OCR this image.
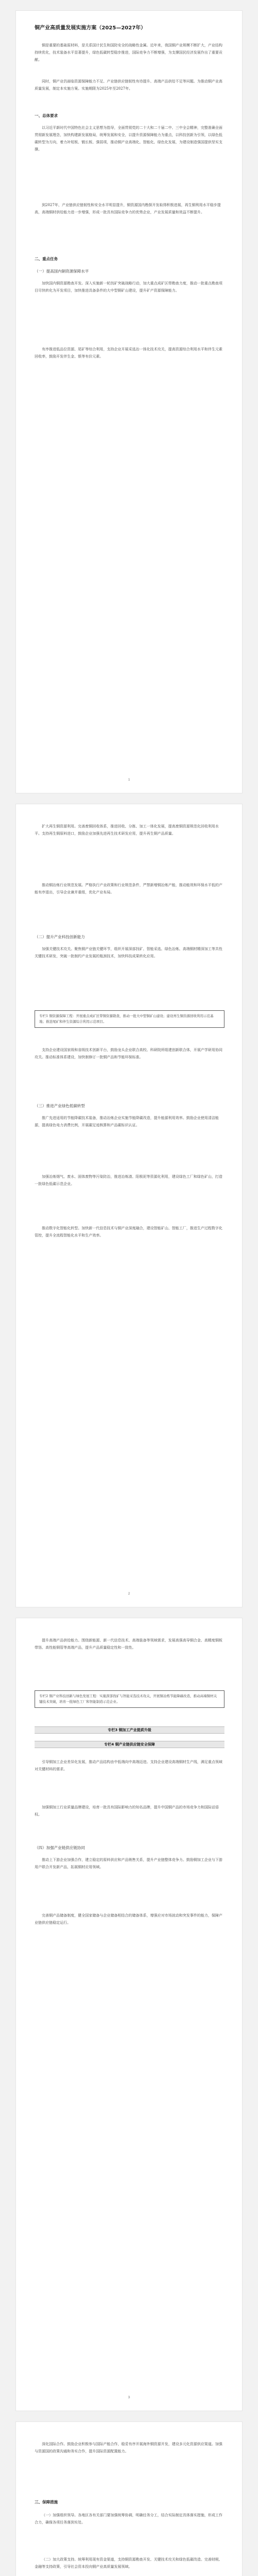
铜产业高质量发展实施方案（2025—2027年）
铜是重要的基础原材料，是关系国计民生和国防安全的战略性金属。近年来，我国铜产业规模不断扩大，产业结构持续优化，技术装备水平显著提升，绿色低碳转型稳步推进，国际竞争力不断增强，为支撑国民经济发展作出了重要贡献。
同时，铜产业仍面临资源保障能力不足、产业链供应链韧性有待提升、高端产品供给不足等问题。为推动铜产业高质量发展，制定本实施方案。实施期限为2025年至2027年。
一、总体要求
以习近平新时代中国特色社会主义思想为指导，全面贯彻党的二十大和二十届二中、三中全会精神，完整准确全面贯彻新发展理念，加快构建新发展格局，统筹发展和安全，以提升资源保障能力为重点，以科技创新为引领，以绿色低碳转型为方向，着力补短板、锻长板、强弱项，推动铜产业高端化、智能化、绿色化发展，为建设制造强国提供坚实支撑。
到2027年，产业链供应链韧性和安全水平明显提升，铜资源国内勘探开发取得积极进展，再生铜利用水平稳步提高，高端铜材供给能力进一步增强，形成一批具有国际竞争力的优势企业，产业发展质量和效益不断提升。
二、重点任务
（一）提高国内铜资源保障水平
加快国内铜资源勘查开发。深入实施新一轮找矿突破战略行动，加大重点成矿区带勘查力度，推动一批重点勘查项目尽快转化为开发项目，加快推进具备条件的大中型铜矿山建设，提升矿产资源保障能力。
有序推进低品位资源、尾矿等综合利用，支持企业开展采选冶一体化技术攻关，提高资源综合利用水平和伴生元素回收率，鼓励开发伴生金、银等有价元素。
1
扩大再生铜资源利用。完善废铜回收体系，推进回收、分拣、加工一体化发展，提高废铜资源规范化回收利用水平。支持再生铜原料进口，鼓励企业加强先进再生技术研发应用，提升再生铜产品质量。
推动铜冶炼行业规范发展。严格执行产业政策和行业规范条件，严禁新增铜冶炼产能，推动能效和环保水平低的产能有序退出，引导企业兼并重组，优化产业布局。
（二）提升产业科技创新能力
加强关键技术攻关。聚焦铜产业链关键环节，组织开展深部找矿、智能采选、绿色冶炼、高端铜材精深加工等共性关键技术研发，突破一批制约产业发展的瓶颈技术，加快科技成果转化应用。
专栏1 铜资源保障工程：开展重点成矿区带铜资源勘查，推动一批大中型铜矿山建设；建设再生铜资源回收利用示范基地；推进尾矿和伴生资源综合利用示范项目。
支持企业建设国家级和省级技术创新平台，鼓励龙头企业联合高校、科研院所组建创新联合体，开展产学研用协同攻关。推动标准体系建设，加快制修订一批铜产品和节能环保标准。
（三）推进产业绿色低碳转型
推广先进适用的节能降碳技术装备，推动冶炼企业实施节能降碳改造，提升能源利用效率。鼓励企业使用清洁能源，提高绿色电力消费比例，开展碳足迹核算和产品碳标识认证。
加强冶炼烟气、废水、固体废物等污染防治，推进冶炼渣、阳极泥等资源化利用，建设绿色工厂和绿色矿山，打造一批绿色低碳示范企业。
推动数字化智能化转型。加快新一代信息技术与铜产业深度融合，建设智能矿山、智能工厂，推进生产过程数字化管控，提升全流程智能化水平和生产效率。
2
提升高端产品供给能力。围绕新能源、新一代信息技术、高端装备等领域需求，发展高强高导铜合金、高精度铜板带箔、高性能铜管等高端产品，提升产品质量稳定性和一致性。
专栏2 铜产业科技创新与绿色发展工程：实施深部找矿与智能采选技术攻关，开展铜冶炼节能降碳改造，推动高端铜材关键技术突破，培育一批绿色工厂和智能制造示范企业。
专栏3 铜加工产业提质升级
专栏4 铜产业链供应链安全保障
引导铜加工企业差异化发展，推动产品结构由中低端向中高端迈进。支持企业建设高端铜材生产线，满足重点领域对关键材料的需求。
加强铜加工行业质量品牌建设，培育一批具有国际影响力的知名品牌，提升中国铜产品的市场竞争力和国际话语权。
（四）加强产业链供应链协同
推动上下游企业加强合作，建立稳定的原料供应和产品销售关系，提升产业链整体竞争力。鼓励铜加工企业与下游用户联合开发新产品，拓展铜材应用领域。
完善铜产品储备制度，健全国家储备与企业储备相结合的储备体系，增强应对市场波动和突发事件的能力，保障产业链供应链稳定运行。
3
深化国际合作。鼓励企业积极参与国际产能合作，稳妥有序开展海外铜资源开发，建设多元化资源供应渠道。加强与资源国的政策沟通和务实合作，提升国际资源配置能力。
三、保障措施
（一）加强组织领导。各地区各有关部门要加强统筹协调，明确任务分工，结合实际制定具体落实措施，形成工作合力，确保各项任务落到实处。
（二）加大政策支持。统筹利用现有资金渠道，支持铜资源勘查开发、关键技术攻关和绿色低碳改造。完善财税、金融等支持政策，引导社会资本投向铜产业高质量发展领域。
